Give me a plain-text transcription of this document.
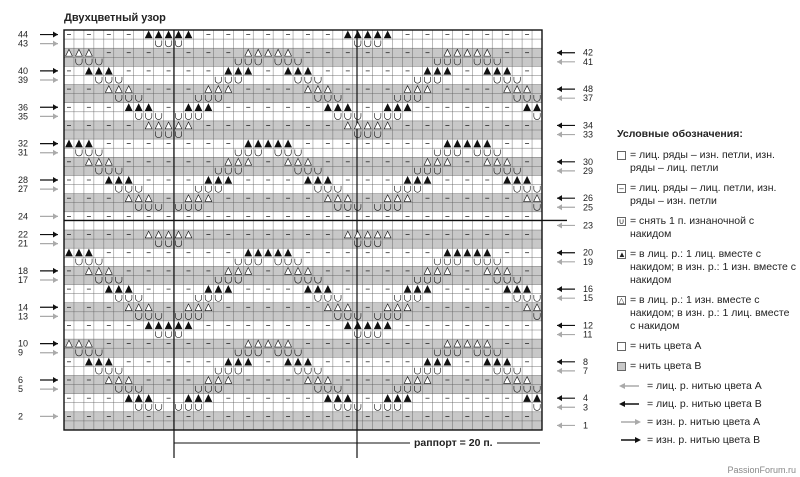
44
43
40
39
36
35
32
31
28
27
24
22
21
18
17
14
13
10
9
6
5
2
42
41
48
37
34
33
30
29
26
25
23
20
19
16
15
12
11
8
7
4
3
1
Двухцветный узор
раппорт = 20 п.
Условные обозначения:
= лиц. ряды – изн. петли, изн. ряды – лиц. петли
– = лиц. ряды – лиц. петли, изн. ряды – изн. петли
∪ = снять 1 п. изнаночной с накидом
▲ = в лиц. р.: 1 лиц. вместе с накидом; в изн. р.: 1 изн. вместе с накидом
△ = в лиц. р.: 1 изн. вместе с накидом; в изн. р.: 1 лиц. вместе с накидом
= нить цвета А
= нить цвета В
= лиц. р. нитью цвета А
= лиц. р. нитью цвета В
= изн. р. нитью цвета А
= изн. р. нитью цвета В
PassionForum.ru
